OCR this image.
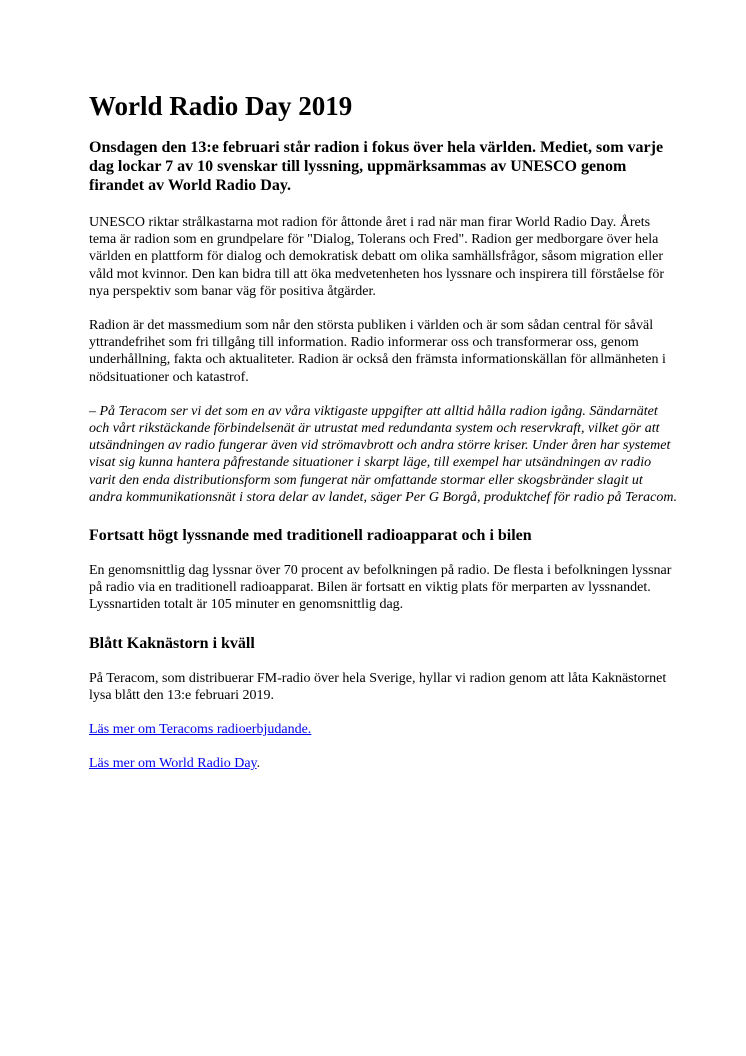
World Radio Day 2019

Onsdagen den 13:e februari står radion i fokus över hela världen. Mediet, som varje dag lockar 7 av 10 svenskar till lyssning, uppmärksammas av UNESCO genom firandet av World Radio Day.

UNESCO riktar strålkastarna mot radion för åttonde året i rad när man firar World Radio Day. Årets tema är radion som en grundpelare för "Dialog, Tolerans och Fred". Radion ger medborgare över hela världen en plattform för dialog och demokratisk debatt om olika samhällsfrågor, såsom migration eller våld mot kvinnor. Den kan bidra till att öka medvetenheten hos lyssnare och inspirera till förståelse för nya perspektiv som banar väg för positiva åtgärder.

Radion är det massmedium som når den största publiken i världen och är som sådan central för såväl yttrandefrihet som fri tillgång till information. Radio informerar oss och transformerar oss, genom underhållning, fakta och aktualiteter. Radion är också den främsta informationskällan för allmänheten i nödsituationer och katastrof.

– På Teracom ser vi det som en av våra viktigaste uppgifter att alltid hålla radion igång. Sändarnätet och vårt rikstäckande förbindelsenät är utrustat med redundanta system och reservkraft, vilket gör att utsändningen av radio fungerar även vid strömavbrott och andra större kriser. Under åren har systemet visat sig kunna hantera påfrestande situationer i skarpt läge, till exempel har utsändningen av radio varit den enda distributionsform som fungerat när omfattande stormar eller skogsbränder slagit ut andra kommunikationsnät i stora delar av landet, säger Per G Borgå, produktchef för radio på Teracom.

Fortsatt högt lyssnande med traditionell radioapparat och i bilen

En genomsnittlig dag lyssnar över 70 procent av befolkningen på radio. De flesta i befolkningen lyssnar på radio via en traditionell radioapparat. Bilen är fortsatt en viktig plats för merparten av lyssnandet. Lyssnartiden totalt är 105 minuter en genomsnittlig dag.

Blått Kaknästorn i kväll

På Teracom, som distribuerar FM-radio över hela Sverige, hyllar vi radion genom att låta Kaknästornet lysa blått den 13:e februari 2019.

Läs mer om Teracoms radioerbjudande.

Läs mer om World Radio Day.
